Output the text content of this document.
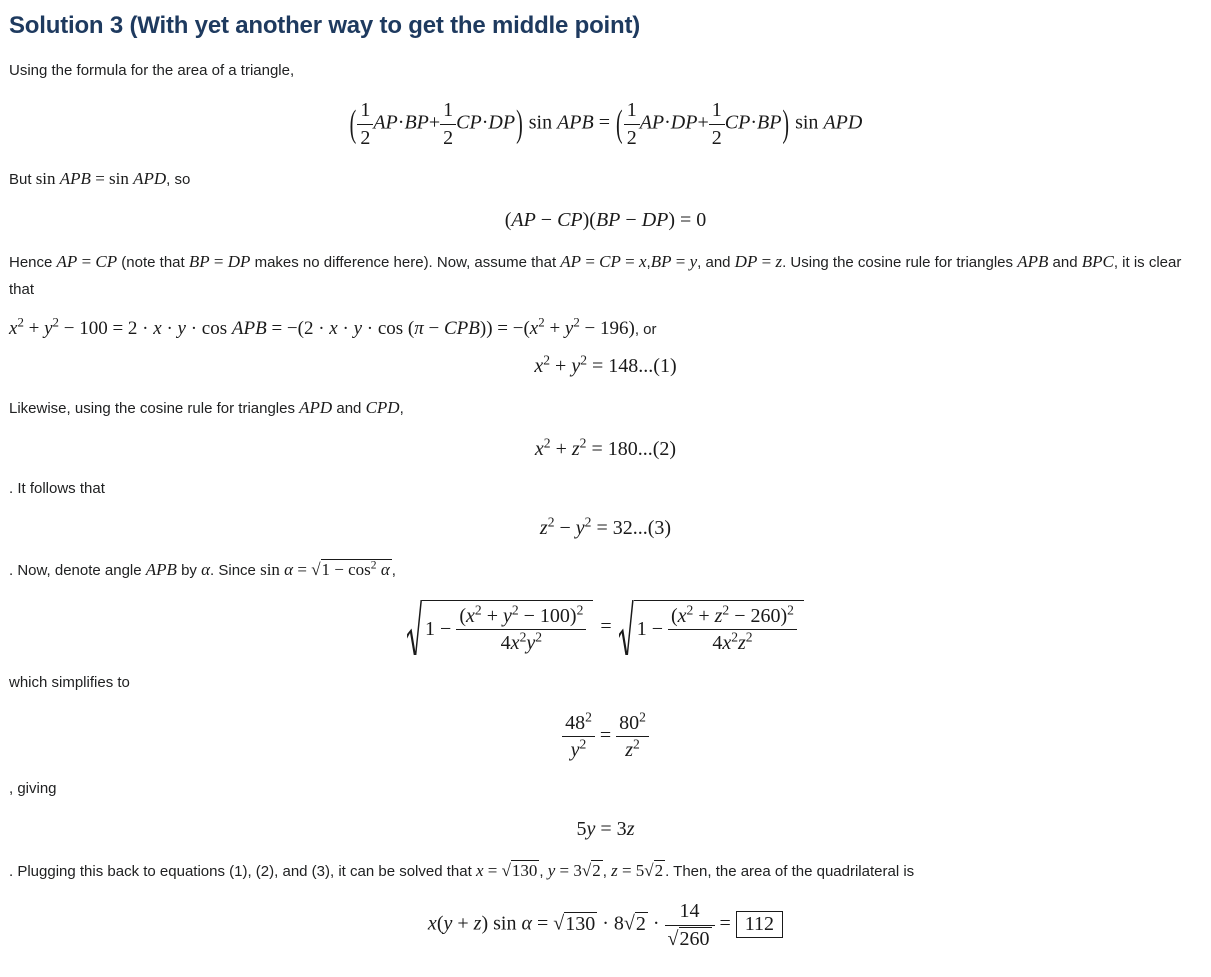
Solution 3 (With yet another way to get the middle point)

Using the formula for the area of a triangle,

( $\frac{1}{2} AP\cdot BP+ \frac{1}{2} CP\cdot DP$) sin APB = ( $\frac{1}{2} AP\cdot DP+ \frac{1}{2} CP\cdot BP$) sin APD

But sin APB = sin APD, so

(AP − CP)(BP − DP) = 0

Hence AP = CP (note that BP = DP makes no difference here). Now, assume that AP = CP = x,BP = y, and DP = z. Using the cosine rule for triangles APB and BPC, it is clear that

$x^2 + y^2 - 100 = 2 \cdot x \cdot y \cdot \cos$ APB = $-(2 \cdot x \cdot y \cdot \cos (\pi - CPB)) = -(x^2 + y^2 - 196)$, or
$x^2 + y^2 = 148...(1)$

Likewise, using the cosine rule for triangles APD and CPD,

$x^2 + z^2 = 180...(2)$

. It follows that

$z^2 - y^2 = 32...(3)$

. Now, denote angle APB by α. Since $\sin \alpha = √1 - \cos^2 \alpha$ ,

$1 - \frac{(x^2 + y^2 - 100)^2}{4x^2y^2} = 1 - \frac{(x^2 + z^2 - 260)^2}{4x^2z^2}$

which simplifies to

$\frac{48^2}{y^2} = \frac{80^2}{z^2}$

, giving

5y = 3z

. Plugging this back to equations (1), (2), and (3), it can be solved that x = √130 , y = 3√2 , z = 5√2 . Then, the area of the quadrilateral is

x(y + z) $\sin \alpha = √130 \cdot 8√2 \cdot \frac{14}{√260} = 112$
